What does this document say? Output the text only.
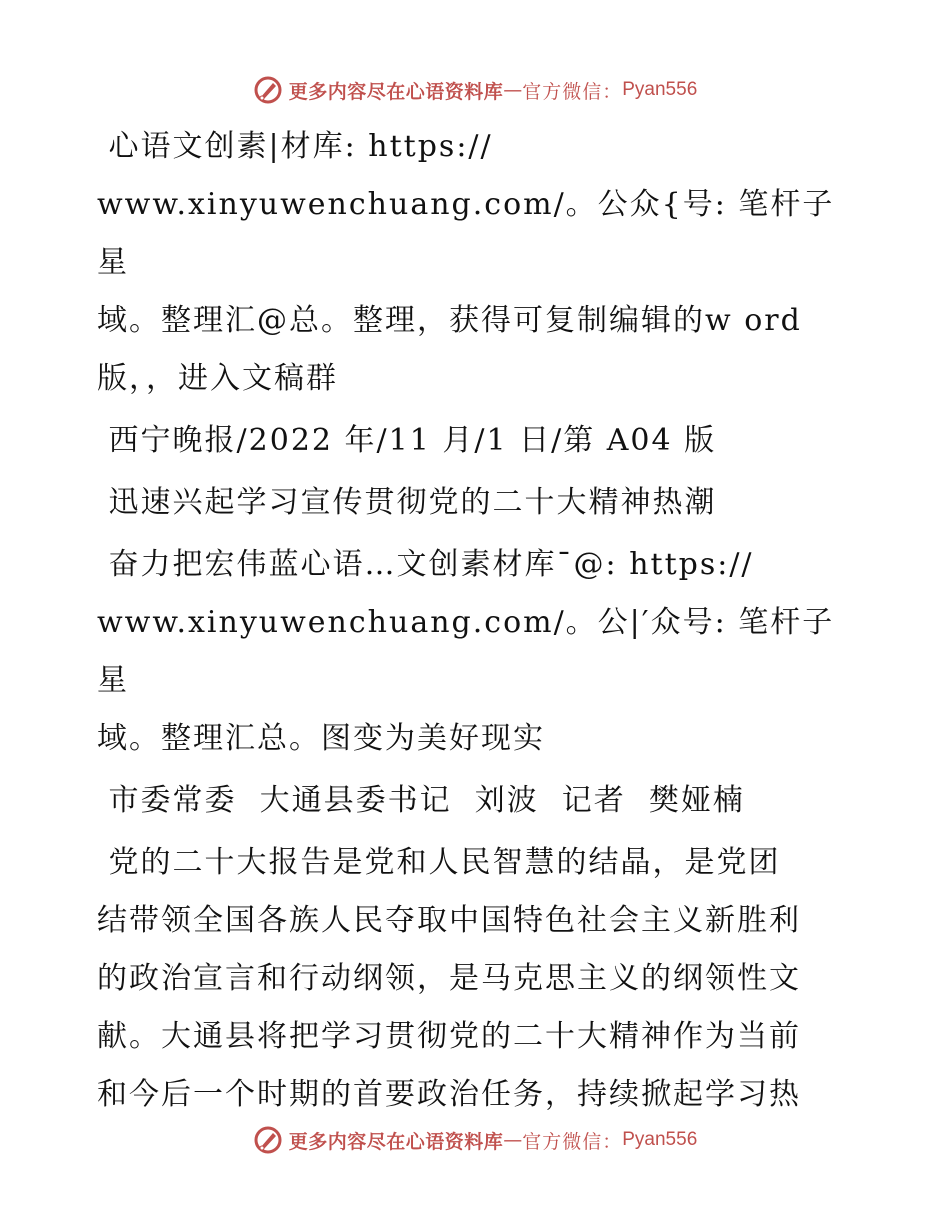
更多内容尽在心语资料库 — 官方微信： Pyan556

心语文创素|材库: https://

www.xinyuwenchuang.com/。公众{号: 笔杆子星

域。整理汇@总。整理，获得可复制编辑的w ord

版，，进入文稿群

西宁晚报/2022 年/11 月/1 日/第 A04 版

迅速兴起学习宣传贯彻党的二十大精神热潮

奋力把宏伟蓝心语…文创素材库¯@: https://

www.xinyuwenchuang.com/。公|′众号: 笔杆子星

域。整理汇总。图变为美好现实

市委常委  大通县委书记  刘波  记者  樊娅楠

党的二十大报告是党和人民智慧的结晶，是党团

结带领全国各族人民夺取中国特色社会主义新胜利

的政治宣言和行动纲领，是马克思主义的纲领性文

献。大通县将把学习贯彻党的二十大精神作为当前

和今后一个时期的首要政治任务，持续掀起学习热

更多内容尽在心语资料库 — 官方微信： Pyan556
